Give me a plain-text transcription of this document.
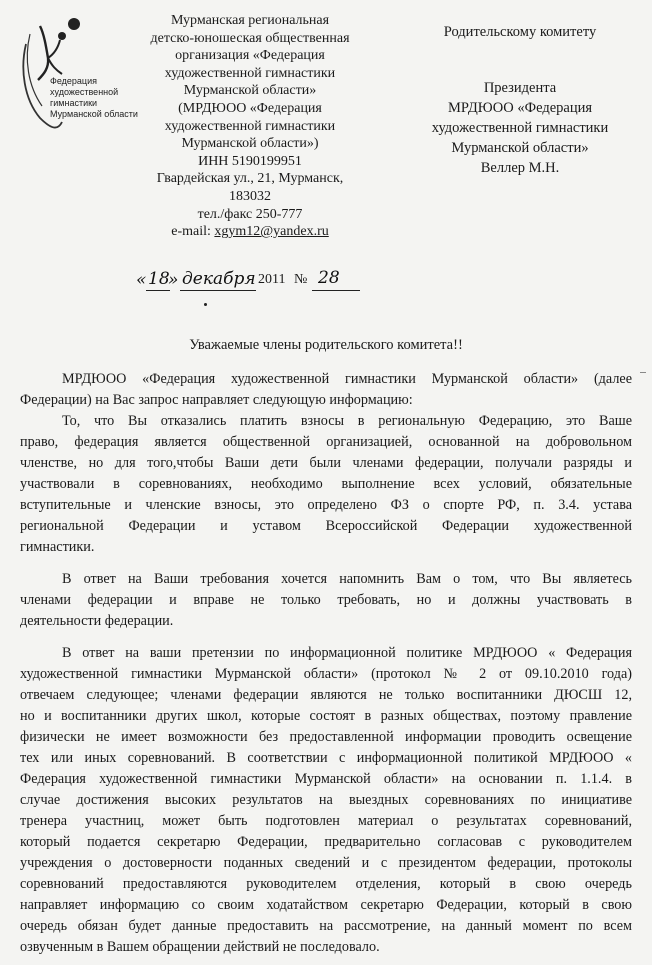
Федерация
художественной
гимнастики
Мурманской области
Мурманская региональная
детско-юношеская общественная
организация «Федерация
художественной гимнастики
Мурманской области»
(МРДЮОО «Федерация
художественной гимнастики
Мурманской области»)
ИНН 5190199951
Гвардейская ул., 21, Мурманск,
183032
тел./факс 250-777
e-mail: xgym12@yandex.ru
Родительскому комитету
Президента
МРДЮОО «Федерация
художественной гимнастики
Мурманской области»
Веллер М.Н.
« 18
» декабря 2011 № 28
Уважаемые члены родительского комитета!!
МРДЮОО «Федерация художественной гимнастики Мурманской области» (далее
Федерации) на Вас запрос направляет следующую информацию:
То, что Вы отказались платить взносы в региональную Федерацию, это Ваше
право, федерация является общественной организацией, основанной на добровольном
членстве, но для того,чтобы Ваши дети были членами федерации, получали разряды и
участвовали в соревнованиях, необходимо выполнение всех условий, обязательные
вступительные и членские взносы, это определено ФЗ о спорте РФ, п. 3.4. устава
региональной Федерации и уставом Всероссийской Федерации художественной
гимнастики.
В ответ на Ваши требования хочется напомнить Вам о том, что Вы являетесь
членами федерации и вправе не только требовать, но и должны участвовать в
деятельности федерации.
В ответ на ваши претензии по информационной политике МРДЮОО « Федерация
художественной гимнастики Мурманской области» (протокол № 2 от 09.10.2010 года)
отвечаем следующее; членами федерации являются не только воспитанники ДЮСШ 12,
но и воспитанники других школ, которые состоят в разных обществах, поэтому правление
физически не имеет возможности без предоставленной информации проводить освещение
тех или иных соревнований. В соответствии с информационной политикой МРДЮОО «
Федерация художественной гимнастики Мурманской области» на основании п. 1.1.4. в
случае достижения высоких результатов на выездных соревнованиях по инициативе
тренера участниц, может быть подготовлен материал о результатах соревнований,
который подается секретарю Федерации, предварительно согласовав с руководителем
учреждения о достоверности поданных сведений и с президентом федерации, протоколы
соревнований предоставляются руководителем отделения, который в свою очередь
направляет информацию со своим ходатайством секретарю Федерации, который в свою
очередь обязан будет данные предоставить на рассмотрение, на данный момент по всем
озвученным в Вашем обращении действий не последовало.
